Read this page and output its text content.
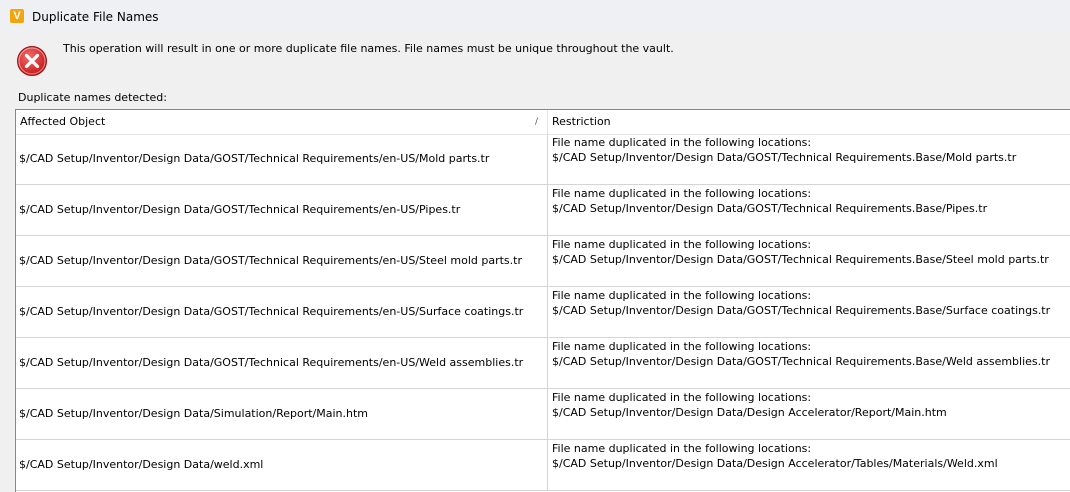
V Duplicate File Names
This operation will result in one or more duplicate file names. File names must be unique throughout the vault.
Duplicate names detected:
Affected Object	/	Restriction
$/CAD Setup/Inventor/Design Data/GOST/Technical Requirements/en-US/Mold parts.tr
File name duplicated in the following locations:
$/CAD Setup/Inventor/Design Data/GOST/Technical Requirements.Base/Mold parts.tr
$/CAD Setup/Inventor/Design Data/GOST/Technical Requirements/en-US/Pipes.tr
File name duplicated in the following locations:
$/CAD Setup/Inventor/Design Data/GOST/Technical Requirements.Base/Pipes.tr
$/CAD Setup/Inventor/Design Data/GOST/Technical Requirements/en-US/Steel mold parts.tr
File name duplicated in the following locations:
$/CAD Setup/Inventor/Design Data/GOST/Technical Requirements.Base/Steel mold parts.tr
$/CAD Setup/Inventor/Design Data/GOST/Technical Requirements/en-US/Surface coatings.tr
File name duplicated in the following locations:
$/CAD Setup/Inventor/Design Data/GOST/Technical Requirements.Base/Surface coatings.tr
$/CAD Setup/Inventor/Design Data/GOST/Technical Requirements/en-US/Weld assemblies.tr
File name duplicated in the following locations:
$/CAD Setup/Inventor/Design Data/GOST/Technical Requirements.Base/Weld assemblies.tr
$/CAD Setup/Inventor/Design Data/Simulation/Report/Main.htm
File name duplicated in the following locations:
$/CAD Setup/Inventor/Design Data/Design Accelerator/Report/Main.htm
$/CAD Setup/Inventor/Design Data/weld.xml
File name duplicated in the following locations:
$/CAD Setup/Inventor/Design Data/Design Accelerator/Tables/Materials/Weld.xml
